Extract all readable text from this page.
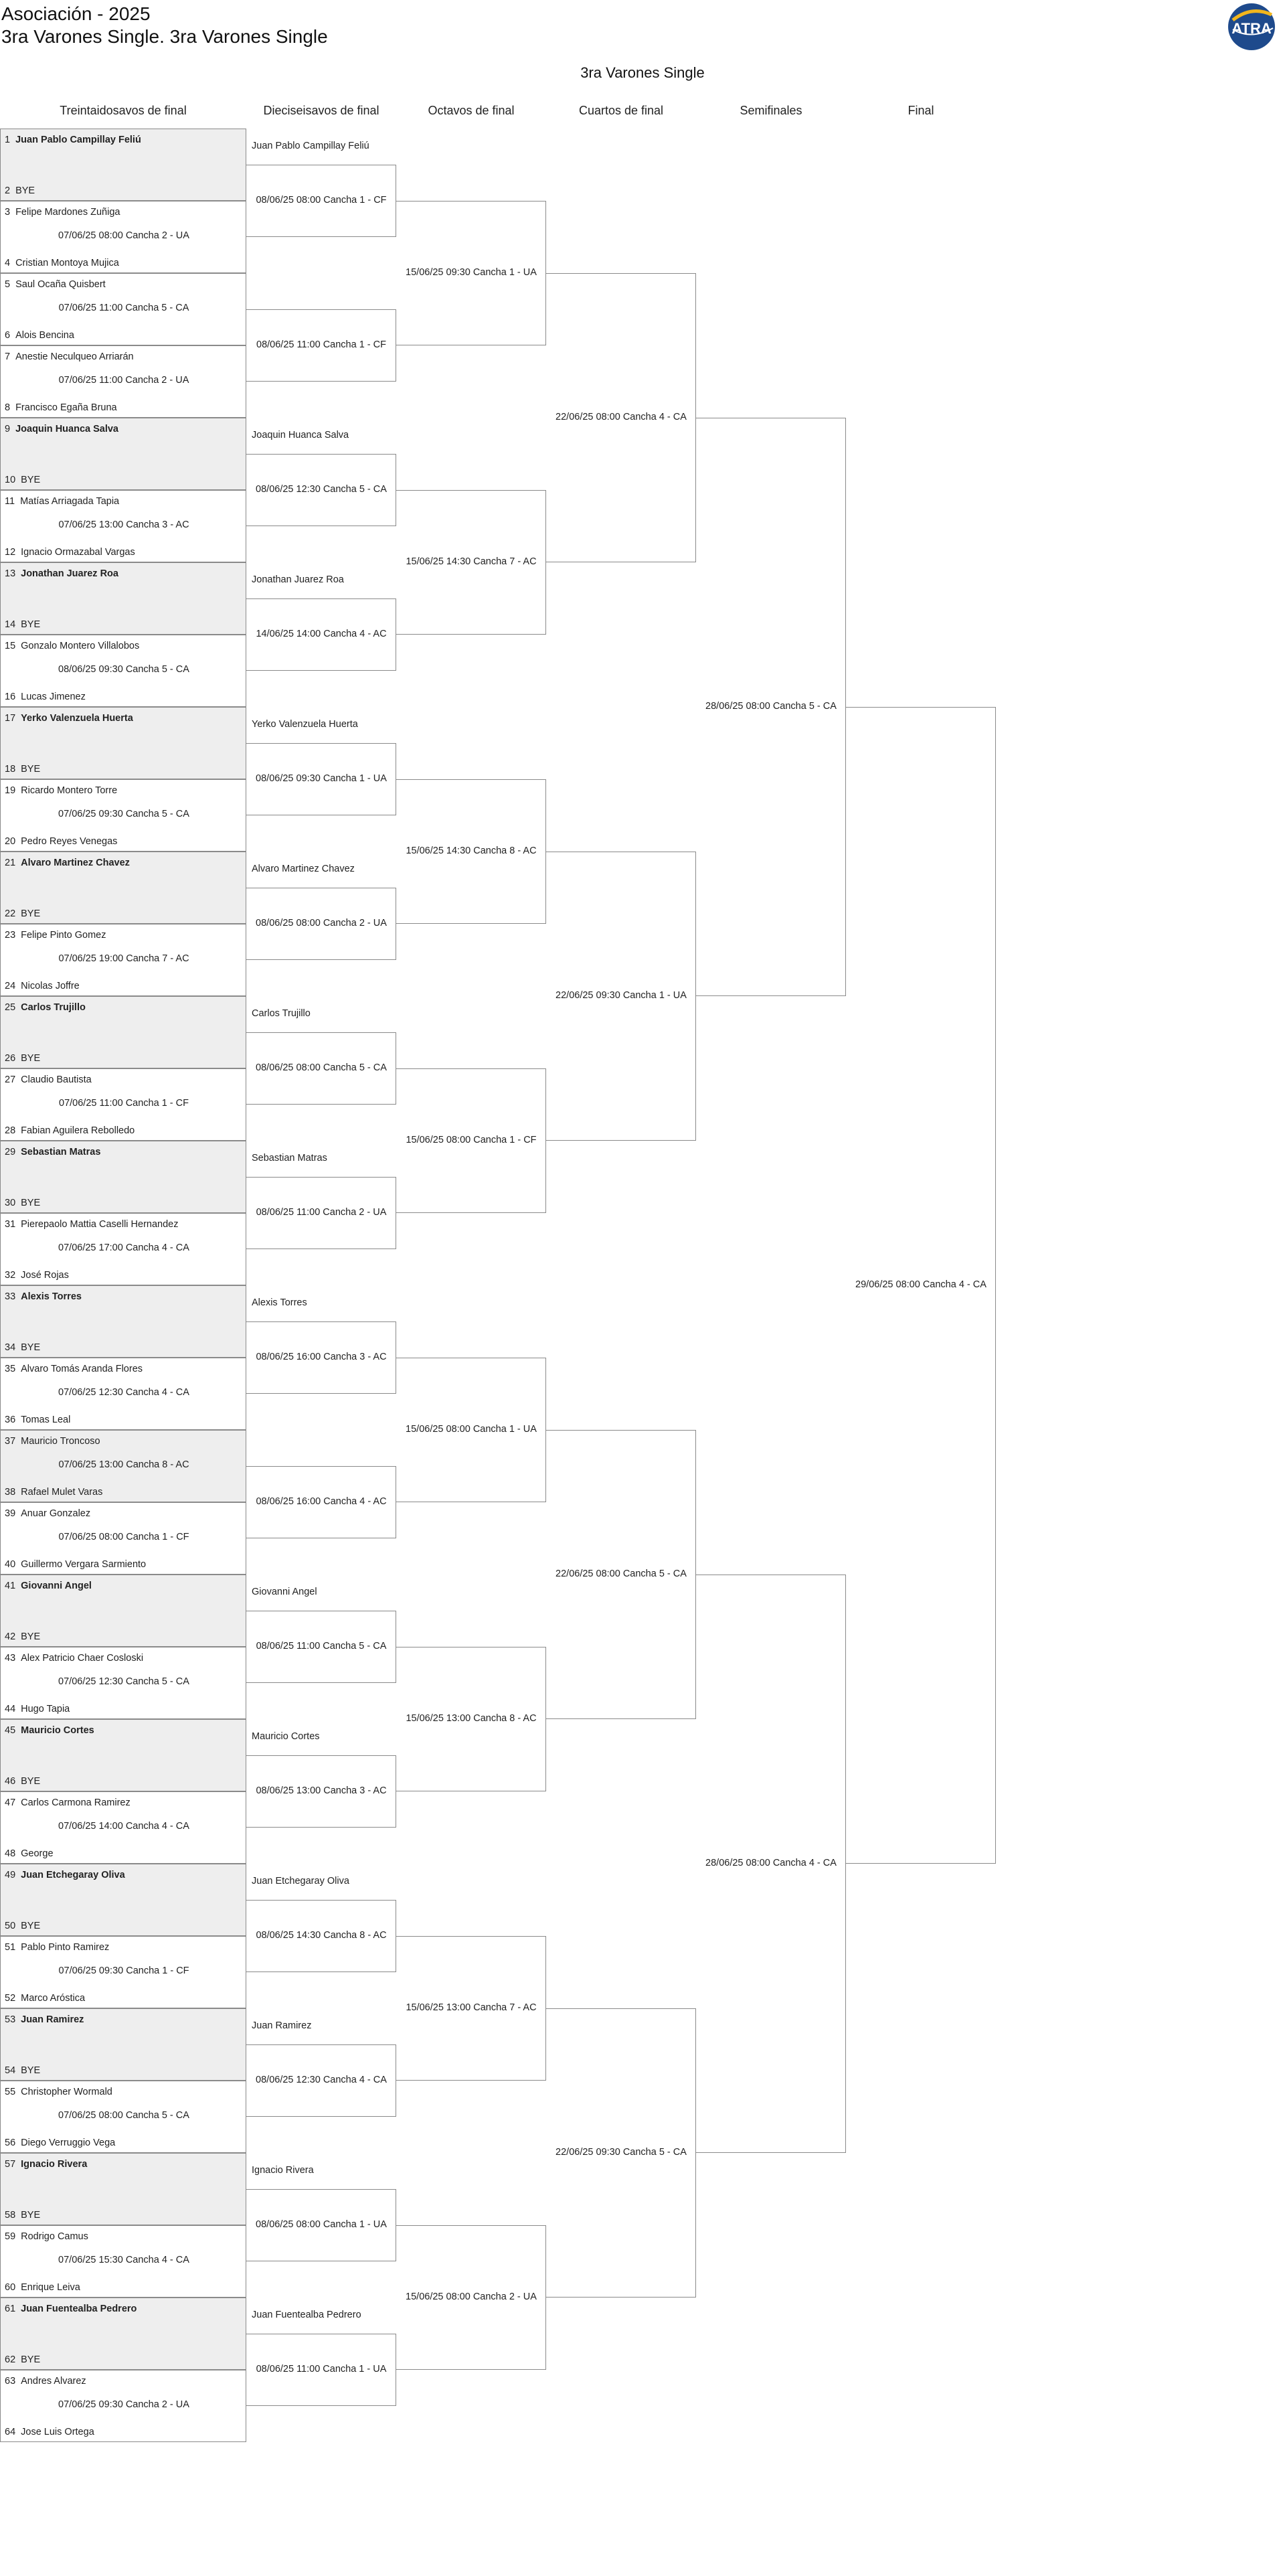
Asociación - 2025
3ra Varones Single. 3ra Varones Single	ATRA
3ra Varones Single
Treintaidosavos de final	Dieciseisavos de final	Octavos de final	Cuartos de final	Semifinales	Final
1 Juan Pablo Campillay Feliú
2 BYE
3 Felipe Mardones Zuñiga
4 Cristian Montoya Mujica
07/06/25 08:00 Cancha 2 - UA
5 Saul Ocaña Quisbert
6 Alois Bencina
07/06/25 11:00 Cancha 5 - CA
7 Anestie Neculqueo Arriarán
8 Francisco Egaña Bruna
07/06/25 11:00 Cancha 2 - UA
9 Joaquin Huanca Salva
10 BYE
11 Matías Arriagada Tapia
12 Ignacio Ormazabal Vargas
07/06/25 13:00 Cancha 3 - AC
13 Jonathan Juarez Roa
14 BYE
15 Gonzalo Montero Villalobos
16 Lucas Jimenez
08/06/25 09:30 Cancha 5 - CA
17 Yerko Valenzuela Huerta
18 BYE
19 Ricardo Montero Torre
20 Pedro Reyes Venegas
07/06/25 09:30 Cancha 5 - CA
21 Alvaro Martinez Chavez
22 BYE
23 Felipe Pinto Gomez
24 Nicolas Joffre
07/06/25 19:00 Cancha 7 - AC
25 Carlos Trujillo
26 BYE
27 Claudio Bautista
28 Fabian Aguilera Rebolledo
07/06/25 11:00 Cancha 1 - CF
29 Sebastian Matras
30 BYE
31 Pierepaolo Mattia Caselli Hernandez
32 José Rojas
07/06/25 17:00 Cancha 4 - CA
33 Alexis Torres
34 BYE
35 Alvaro Tomás Aranda Flores
36 Tomas Leal
07/06/25 12:30 Cancha 4 - CA
37 Mauricio Troncoso
38 Rafael Mulet Varas
07/06/25 13:00 Cancha 8 - AC
39 Anuar Gonzalez
40 Guillermo Vergara Sarmiento
07/06/25 08:00 Cancha 1 - CF
41 Giovanni Angel
42 BYE
43 Alex Patricio Chaer Cosloski
44 Hugo Tapia
07/06/25 12:30 Cancha 5 - CA
45 Mauricio Cortes
46 BYE
47 Carlos Carmona Ramirez
48 George
07/06/25 14:00 Cancha 4 - CA
49 Juan Etchegaray Oliva
50 BYE
51 Pablo Pinto Ramirez
52 Marco Aróstica
07/06/25 09:30 Cancha 1 - CF
53 Juan Ramirez
54 BYE
55 Christopher Wormald
56 Diego Verruggio Vega
07/06/25 08:00 Cancha 5 - CA
57 Ignacio Rivera
58 BYE
59 Rodrigo Camus
60 Enrique Leiva
07/06/25 15:30 Cancha 4 - CA
61 Juan Fuentealba Pedrero
62 BYE
63 Andres Alvarez
64 Jose Luis Ortega
07/06/25 09:30 Cancha 2 - UA
08/06/25 08:00 Cancha 1 - CF
Juan Pablo Campillay Feliú
08/06/25 11:00 Cancha 1 - CF
08/06/25 12:30 Cancha 5 - CA
Joaquin Huanca Salva
14/06/25 14:00 Cancha 4 - AC
Jonathan Juarez Roa
08/06/25 09:30 Cancha 1 - UA
Yerko Valenzuela Huerta
08/06/25 08:00 Cancha 2 - UA
Alvaro Martinez Chavez
08/06/25 08:00 Cancha 5 - CA
Carlos Trujillo
08/06/25 11:00 Cancha 2 - UA
Sebastian Matras
08/06/25 16:00 Cancha 3 - AC
Alexis Torres
08/06/25 16:00 Cancha 4 - AC
08/06/25 11:00 Cancha 5 - CA
Giovanni Angel
08/06/25 13:00 Cancha 3 - AC
Mauricio Cortes
08/06/25 14:30 Cancha 8 - AC
Juan Etchegaray Oliva
08/06/25 12:30 Cancha 4 - CA
Juan Ramirez
08/06/25 08:00 Cancha 1 - UA
Ignacio Rivera
08/06/25 11:00 Cancha 1 - UA
Juan Fuentealba Pedrero
15/06/25 09:30 Cancha 1 - UA
15/06/25 14:30 Cancha 7 - AC
15/06/25 14:30 Cancha 8 - AC
15/06/25 08:00 Cancha 1 - CF
15/06/25 08:00 Cancha 1 - UA
15/06/25 13:00 Cancha 8 - AC
15/06/25 13:00 Cancha 7 - AC
15/06/25 08:00 Cancha 2 - UA
22/06/25 08:00 Cancha 4 - CA
22/06/25 09:30 Cancha 1 - UA
22/06/25 08:00 Cancha 5 - CA
22/06/25 09:30 Cancha 5 - CA
28/06/25 08:00 Cancha 5 - CA
28/06/25 08:00 Cancha 4 - CA
29/06/25 08:00 Cancha 4 - CA
